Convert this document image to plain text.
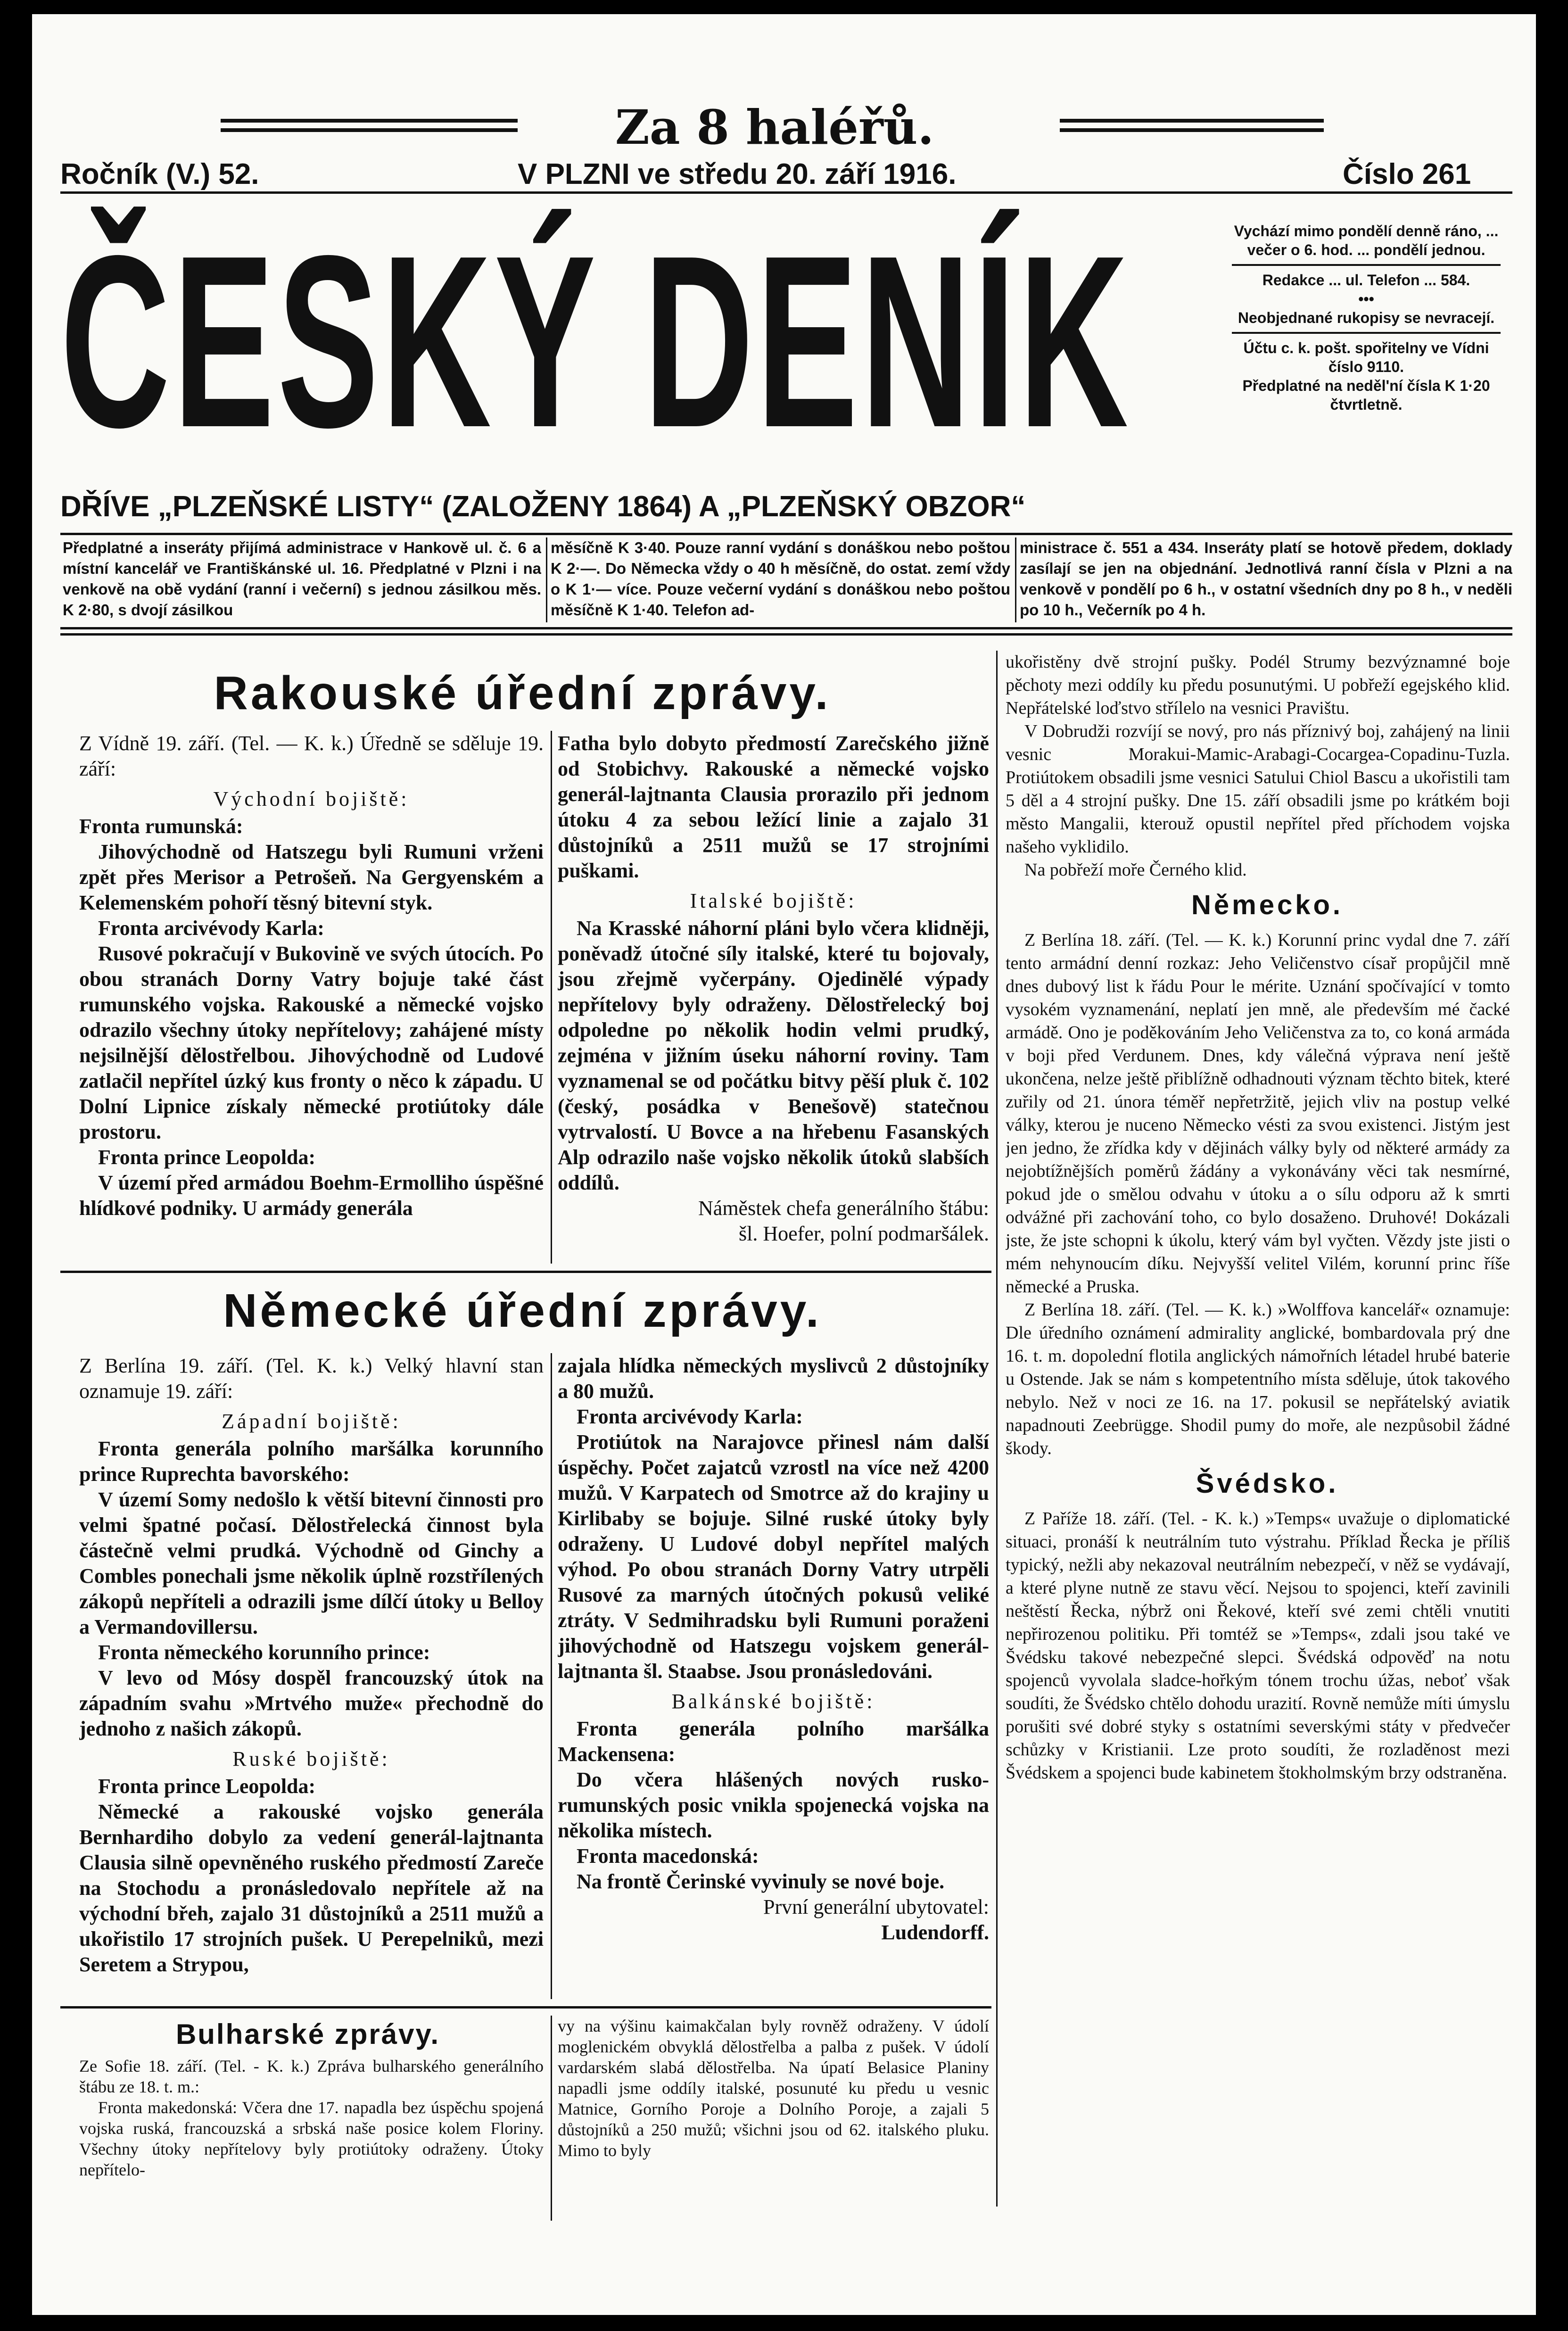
Za 8 haléřů.
Ročník (V.) 52.	V PLZNI ve středu 20. září 1916.	Číslo 261
ČESKÝ DENÍK
DŘÍVE „PLZEŇSKÉ LISTY“ (ZALOŽENY 1864) A „PLZEŇSKÝ OBZOR“

Vychází mimo pondělí denně ráno, ... večer o 6. hod. ... pondělí jednou.

Redakce ... ul. Telefon ... 584.

•••

Neobjednané rukopisy se nevracejí.

Účtu c. k. pošt. spořitelny ve Vídni číslo 9110.

Předplatné na neděl'ní čísla K 1·20 čtvrtletně.

Předplatné a inseráty přijímá administrace v Hankově ul. č. 6 a místní kancelář ve Františkánské ul. 16. Předplatné v Plzni i na venkově na obě vydání (ranní i večerní) s jednou zásilkou měs. K 2·80, s dvojí zásilkou
měsíčně K 3·40. Pouze ranní vydání s donáškou nebo poštou K 2·—. Do Německa vždy o 40 h měsíčně, do ostat. zemí vždy o K 1·— více. Pouze večerní vydání s donáškou nebo poštou měsíčně K 1·40. Telefon ad-
ministrace č. 551 a 434. Inseráty platí se hotově předem, doklady zasílají se jen na objednání. Jednotlivá ranní čísla v Plzni a na venkově v pondělí po 6 h., v ostatní všedních dny po 8 h., v neděli po 10 h., Večerník po 4 h.
Rakouské úřední zprávy.

Z Vídně 19. září. (Tel. — K. k.) Úředně se sděluje 19. září:

Východní bojiště:

Fronta rumunská:

Jihovýchodně od Hatszegu byli Rumuni vrženi zpět přes Merisor a Petrošeň. Na Gergyenském a Kelemenském pohoří těsný bitevní styk.

Fronta arcivévody Karla:

Rusové pokračují v Bukovině ve svých útocích. Po obou stranách Dorny Vatry bojuje také část rumunského vojska. Rakouské a německé vojsko odrazilo všechny útoky nepřítelovy; zahájené místy nejsilnější dělostřelbou. Jihovýchodně od Ludové zatlačil nepřítel úzký kus fronty o něco k západu. U Dolní Lipnice získaly německé protiútoky dále prostoru.

Fronta prince Leopolda:

V území před armádou Boehm-Ermolliho úspěšné hlídkové podniky. U armády generála

Fatha bylo dobyto předmostí Zarečského jižně od Stobichvy. Rakouské a německé vojsko generál-lajtnanta Clausia prorazilo při jednom útoku 4 za sebou ležící linie a zajalo 31 důstojníků a 2511 mužů se 17 strojními puškami.

Italské bojiště:

Na Krasské náhorní pláni bylo včera klidněji, poněvadž útočné síly italské, které tu bojovaly, jsou zřejmě vyčerpány. Ojedinělé výpady nepřítelovy byly odraženy. Dělostřelecký boj odpoledne po několik hodin velmi prudký, zejména v jižním úseku náhorní roviny. Tam vyznamenal se od počátku bitvy pěší pluk č. 102 (český, posádka v Benešově) statečnou vytrvalostí. U Bovce a na hřebenu Fasanských Alp odrazilo naše vojsko několik útoků slabších oddílů.

Náměstek chefa generálního štábu:

šl. Hoefer, polní podmaršálek.

Německé úřední zprávy.

Z Berlína 19. září. (Tel. K. k.) Velký hlavní stan oznamuje 19. září:

Západní bojiště:

Fronta generála polního maršálka korunního prince Ruprechta bavorského:

V území Somy nedošlo k větší bitevní činnosti pro velmi špatné počasí. Dělostřelecká činnost byla částečně velmi prudká. Východně od Ginchy a Combles ponechali jsme několik úplně rozstřílených zákopů nepříteli a odrazili jsme dílčí útoky u Belloy a Vermandovillersu.

Fronta německého korunního prince:

V levo od Mósy dospěl francouzský útok na západním svahu »Mrtvého muže« přechodně do jednoho z našich zákopů.

Ruské bojiště:

Fronta prince Leopolda:

Německé a rakouské vojsko generála Bernhardiho dobylo za vedení generál-lajtnanta Clausia silně opevněného ruského předmostí Zareče na Stochodu a pronásledovalo nepřítele až na východní břeh, zajalo 31 důstojníků a 2511 mužů a ukořistilo 17 strojních pušek. U Perepelniků, mezi Seretem a Strypou,

zajala hlídka německých myslivců 2 důstojníky a 80 mužů.

Fronta arcivévody Karla:

Protiútok na Narajovce přinesl nám další úspěchy. Počet zajatců vzrostl na více než 4200 mužů. V Karpatech od Smotrce až do krajiny u Kirlibaby se bojuje. Silné ruské útoky byly odraženy. U Ludové dobyl nepřítel malých výhod. Po obou stranách Dorny Vatry utrpěli Rusové za marných útočných pokusů veliké ztráty. V Sedmihradsku byli Rumuni poraženi jihovýchodně od Hatszegu vojskem generál-lajtnanta šl. Staabse. Jsou pronásledováni.

Balkánské bojiště:

Fronta generála polního maršálka Mackensena:

Do včera hlášených nových rusko-rumunských posic vnikla spojenecká vojska na několika místech.

Fronta macedonská:

Na frontě Čerinské vyvinuly se nové boje.

První generální ubytovatel:

Ludendorff.

Bulharské zprávy.

Ze Sofie 18. září. (Tel. - K. k.) Zpráva bulharského generálního štábu ze 18. t. m.:

Fronta makedonská: Včera dne 17. napadla bez úspěchu spojená vojska ruská, francouzská a srbská naše posice kolem Floriny. Všechny útoky nepřítelovy byly protiútoky odraženy. Útoky nepřítelo-

vy na výšinu kaimakčalan byly rovněž odraženy. V údolí moglenickém obvyklá dělostřelba a palba z pušek. V údolí vardarském slabá dělostřelba. Na úpatí Belasice Planiny napadli jsme oddíly italské, posunuté ku předu u vesnic Matnice, Gorního Poroje a Dolního Poroje, a zajali 5 důstojníků a 250 mužů; všichni jsou od 62. italského pluku. Mimo to byly

ukořistěny dvě strojní pušky. Podél Strumy bezvýznamné boje pěchoty mezi oddíly ku předu posunutými. U pobřeží egejského klid. Nepřátelské loďstvo střílelo na vesnici Pravištu.

V Dobrudži rozvíjí se nový, pro nás příznivý boj, zahájený na linii vesnic Morakui-Mamic-Arabagi-Cocargea-Copadinu-Tuzla. Protiútokem obsadili jsme vesnici Satului Chiol Bascu a ukořistili tam 5 děl a 4 strojní pušky. Dne 15. září obsadili jsme po krátkém boji město Mangalii, kterouž opustil nepřítel před příchodem vojska našeho vyklidilo.

Na pobřeží moře Černého klid.

Německo.

Z Berlína 18. září. (Tel. — K. k.) Korunní princ vydal dne 7. září tento armádní denní rozkaz: Jeho Veličenstvo císař propůjčil mně dnes dubový list k řádu Pour le mérite. Uznání spočívající v tomto vysokém vyznamenání, neplatí jen mně, ale především mé čacké armádě. Ono je poděkováním Jeho Veličenstva za to, co koná armáda v boji před Verdunem. Dnes, kdy válečná výprava není ještě ukončena, nelze ještě přiblížně odhadnouti význam těchto bitek, které zuřily od 21. února téměř nepřetržitě, jejich vliv na postup velké války, kterou je nucenо Německo vésti za svou existenci. Jistým jest jen jedno, že zřídka kdy v dějinách války byly od některé armády za nejobtížnějších poměrů žádány a vykonávány věci tak nesmírné, pokud jde o smělou odvahu v útoku a o sílu odporu až k smrti odvážné při zachování toho, co bylo dosaženo. Druhové! Dokázali jste, že jste schopni k úkolu, který vám byl vyčten. Vězdy jste jisti o mém nehynoucím díku. Nejvyšší velitel Vilém, korunní princ říše německé a Pruska.

Z Berlína 18. září. (Tel. — K. k.) »Wolffova kancelář« oznamuje: Dle úředního oznámení admirality anglické, bombardovala prý dne 16. t. m. dopolední flotila anglických námořních létadel hrubé baterie u Ostende. Jak se nám s kompetentního místa sděluje, útok takového nebylo. Než v noci ze 16. na 17. pokusil se nepřátelský aviatik napadnouti Zeebrügge. Shodil pumy do moře, ale nezpůsobil žádné škody.

Švédsko.

Z Paříže 18. září. (Tel. - K. k.) »Temps« uvažuje o diplomatické situaci, pronáší k neutrálním tuto výstrahu. Příklad Řecka je příliš typický, nežli aby nekazoval neutrálním nebezpečí, v něž se vydávají, a které plyne nutně ze stavu věcí. Nejsou to spojenci, kteří zavinili neštěstí Řecka, nýbrž oni Řekové, kteří své zemi chtěli vnutiti nepřirozenou politiku. Při tomtéž se »Temps«, zdali jsou také ve Švédsku takové nebezpečné slepci. Švédská odpověď na notu spojenců vyvolala sladce-hořkým tónem trochu úžas, neboť však soudíti, že Švédsko chtělo dohodu urazití. Rovně nemůže míti úmyslu porušiti své dobré styky s ostatními severskými státy v předvečer schůzky v Kristianii. Lze proto soudíti, že rozladěnost mezi Švédskem a spojenci bude kabinetem štokholmským brzy odstraněna.
